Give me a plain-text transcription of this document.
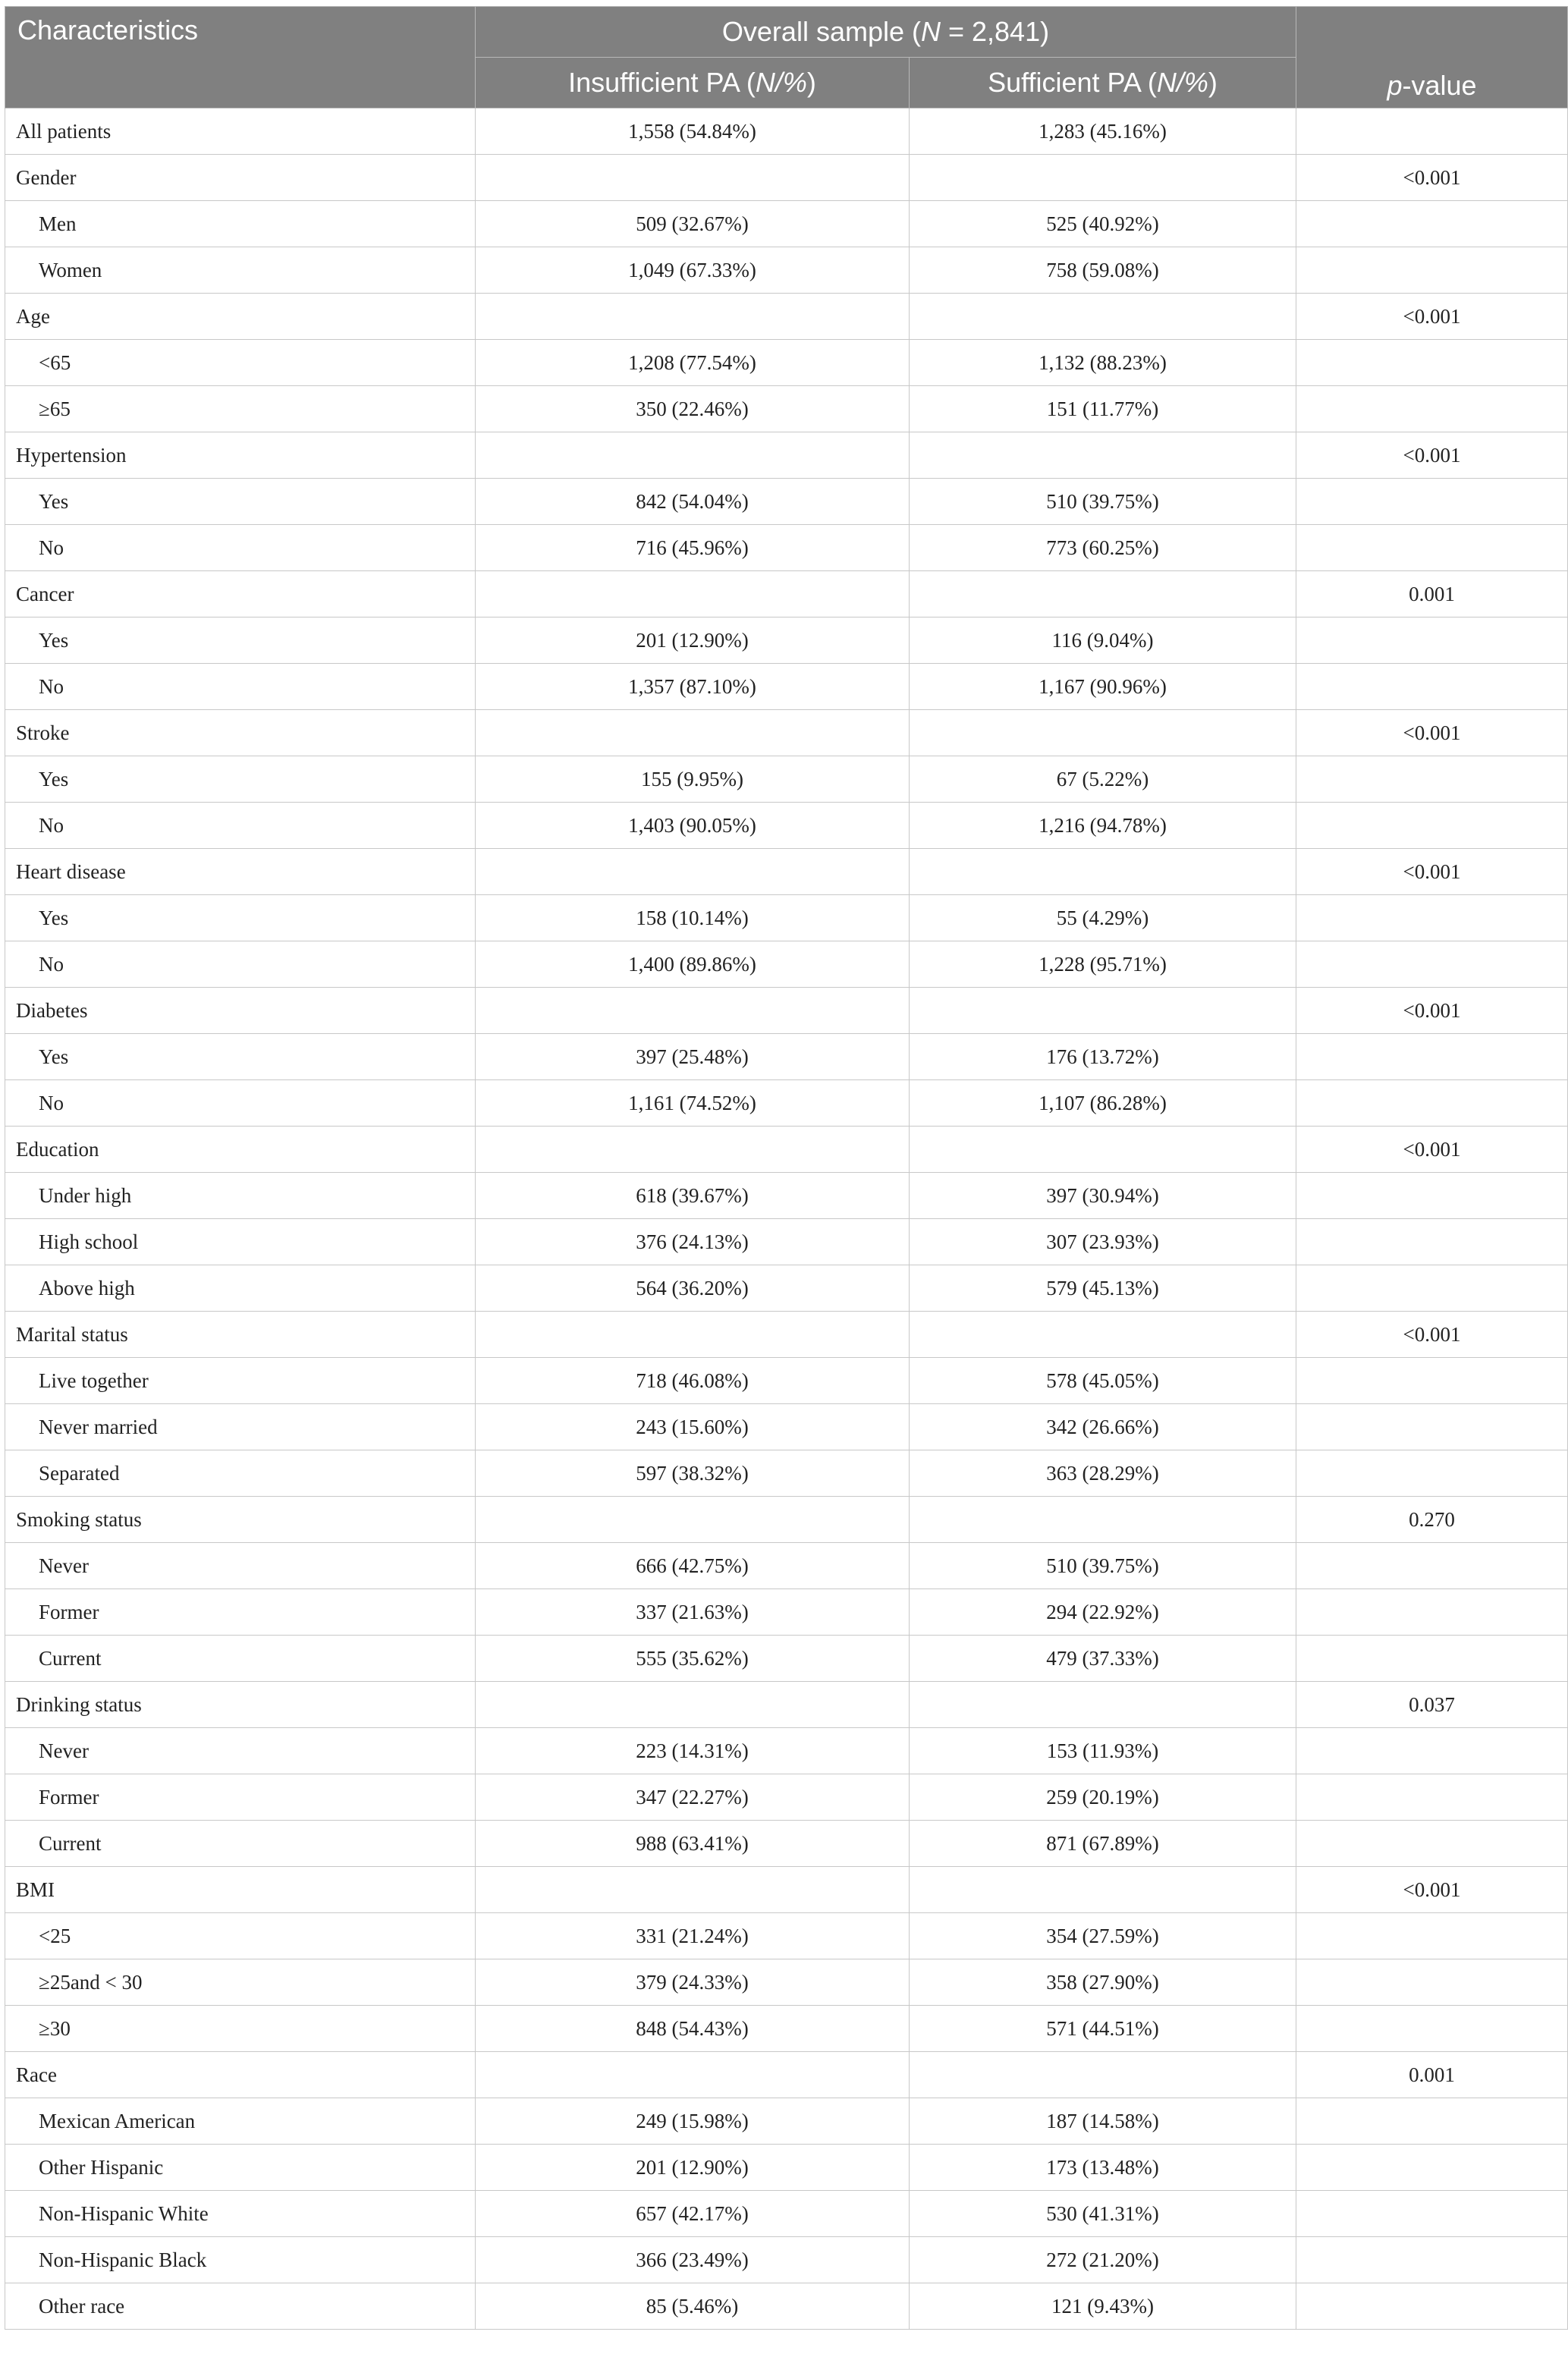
Characteristics	Overall sample (N = 2,841)		p-value
	Insufficient PA (N/%)	Sufficient PA (N/%)	
All patients	1,558 (54.84%)	1,283 (45.16%)	
Gender			<0.001
Men	509 (32.67%)	525 (40.92%)	
Women	1,049 (67.33%)	758 (59.08%)	
Age			<0.001
<65	1,208 (77.54%)	1,132 (88.23%)	
≥65	350 (22.46%)	151 (11.77%)	
Hypertension			<0.001
Yes	842 (54.04%)	510 (39.75%)	
No	716 (45.96%)	773 (60.25%)	
Cancer			0.001
Yes	201 (12.90%)	116 (9.04%)	
No	1,357 (87.10%)	1,167 (90.96%)	
Stroke			<0.001
Yes	155 (9.95%)	67 (5.22%)	
No	1,403 (90.05%)	1,216 (94.78%)	
Heart disease			<0.001
Yes	158 (10.14%)	55 (4.29%)	
No	1,400 (89.86%)	1,228 (95.71%)	
Diabetes			<0.001
Yes	397 (25.48%)	176 (13.72%)	
No	1,161 (74.52%)	1,107 (86.28%)	
Education			<0.001
Under high	618 (39.67%)	397 (30.94%)	
High school	376 (24.13%)	307 (23.93%)	
Above high	564 (36.20%)	579 (45.13%)	
Marital status			<0.001
Live together	718 (46.08%)	578 (45.05%)	
Never married	243 (15.60%)	342 (26.66%)	
Separated	597 (38.32%)	363 (28.29%)	
Smoking status			0.270
Never	666 (42.75%)	510 (39.75%)	
Former	337 (21.63%)	294 (22.92%)	
Current	555 (35.62%)	479 (37.33%)	
Drinking status			0.037
Never	223 (14.31%)	153 (11.93%)	
Former	347 (22.27%)	259 (20.19%)	
Current	988 (63.41%)	871 (67.89%)	
BMI			<0.001
<25	331 (21.24%)	354 (27.59%)	
≥25and < 30	379 (24.33%)	358 (27.90%)	
≥30	848 (54.43%)	571 (44.51%)	
Race			0.001
Mexican American	249 (15.98%)	187 (14.58%)	
Other Hispanic	201 (12.90%)	173 (13.48%)	
Non-Hispanic White	657 (42.17%)	530 (41.31%)	
Non-Hispanic Black	366 (23.49%)	272 (21.20%)	
Other race	85 (5.46%)	121 (9.43%)	
